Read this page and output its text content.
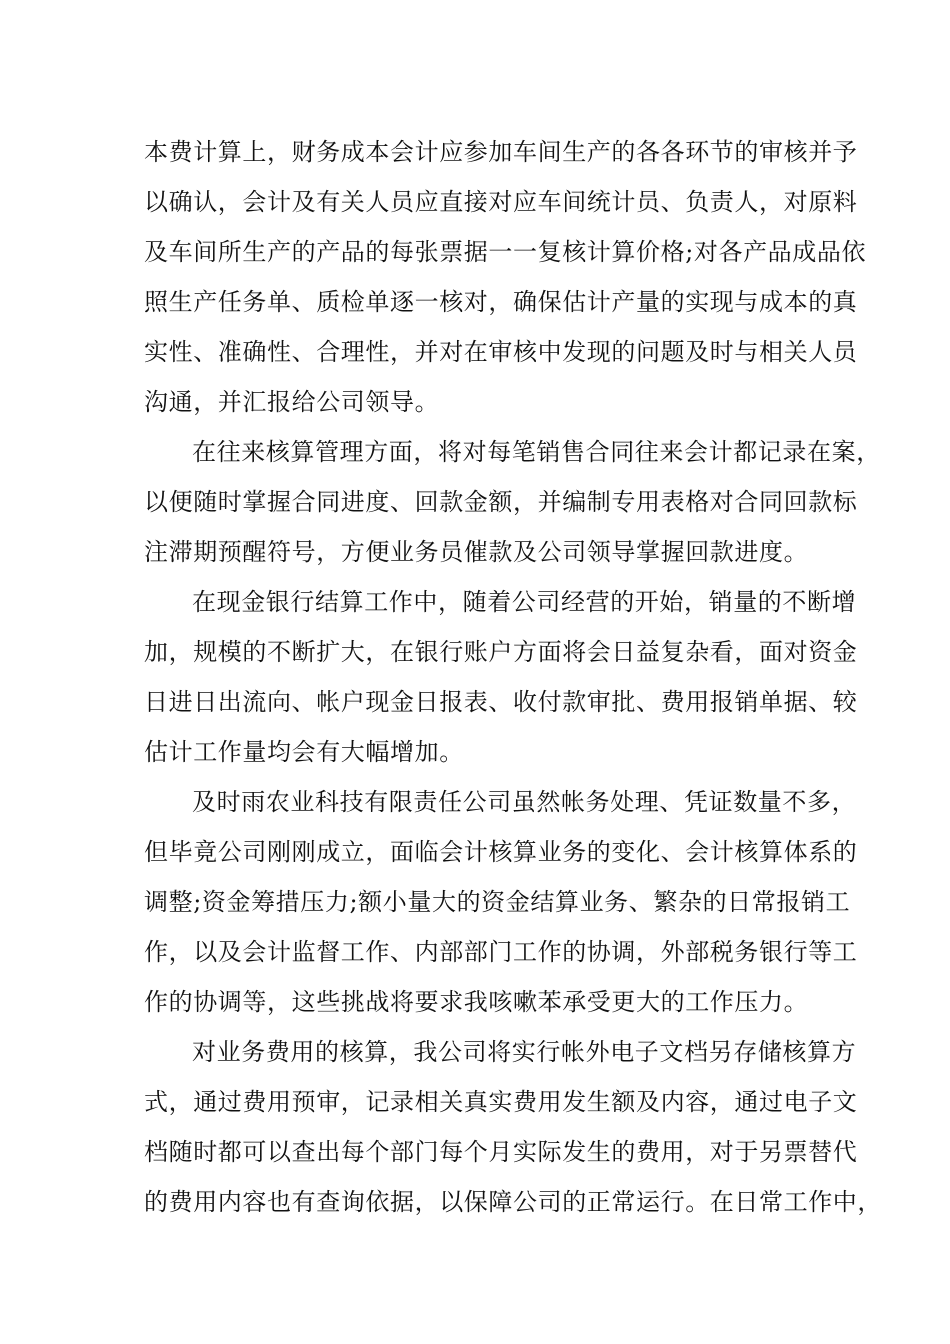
本费计算上，财务成本会计应参加车间生产的各各环节的审核并予
以确认，会计及有关人员应直接对应车间统计员、负责人，对原料
及车间所生产的产品的每张票据一一复核计算价格;对各产品成品依
照生产任务单、质检单逐一核对，确保估计产量的实现与成本的真
实性、准确性、合理性，并对在审核中发现的问题及时与相关人员
沟通，并汇报给公司领导。
在往来核算管理方面，将对每笔销售合同往来会计都记录在案，
以便随时掌握合同进度、回款金额，并编制专用表格对合同回款标
注滞期预醒符号，方便业务员催款及公司领导掌握回款进度。
在现金银行结算工作中，随着公司经营的开始，销量的不断增
加，规模的不断扩大，在银行账户方面将会日益复杂看，面对资金
日进日出流向、帐户现金日报表、收付款审批、费用报销单据、较
估计工作量均会有大幅增加。
及时雨农业科技有限责任公司虽然帐务处理、凭证数量不多，
但毕竟公司刚刚成立，面临会计核算业务的变化、会计核算体系的
调整;资金筹措压力;额小量大的资金结算业务、繁杂的日常报销工
作，以及会计监督工作、内部部门工作的协调，外部税务银行等工
作的协调等，这些挑战将要求我咳嗽苯承受更大的工作压力。
对业务费用的核算，我公司将实行帐外电子文档另存储核算方
式，通过费用预审，记录相关真实费用发生额及内容，通过电子文
档随时都可以查出每个部门每个月实际发生的费用，对于另票替代
的费用内容也有查询依据，以保障公司的正常运行。在日常工作中，
